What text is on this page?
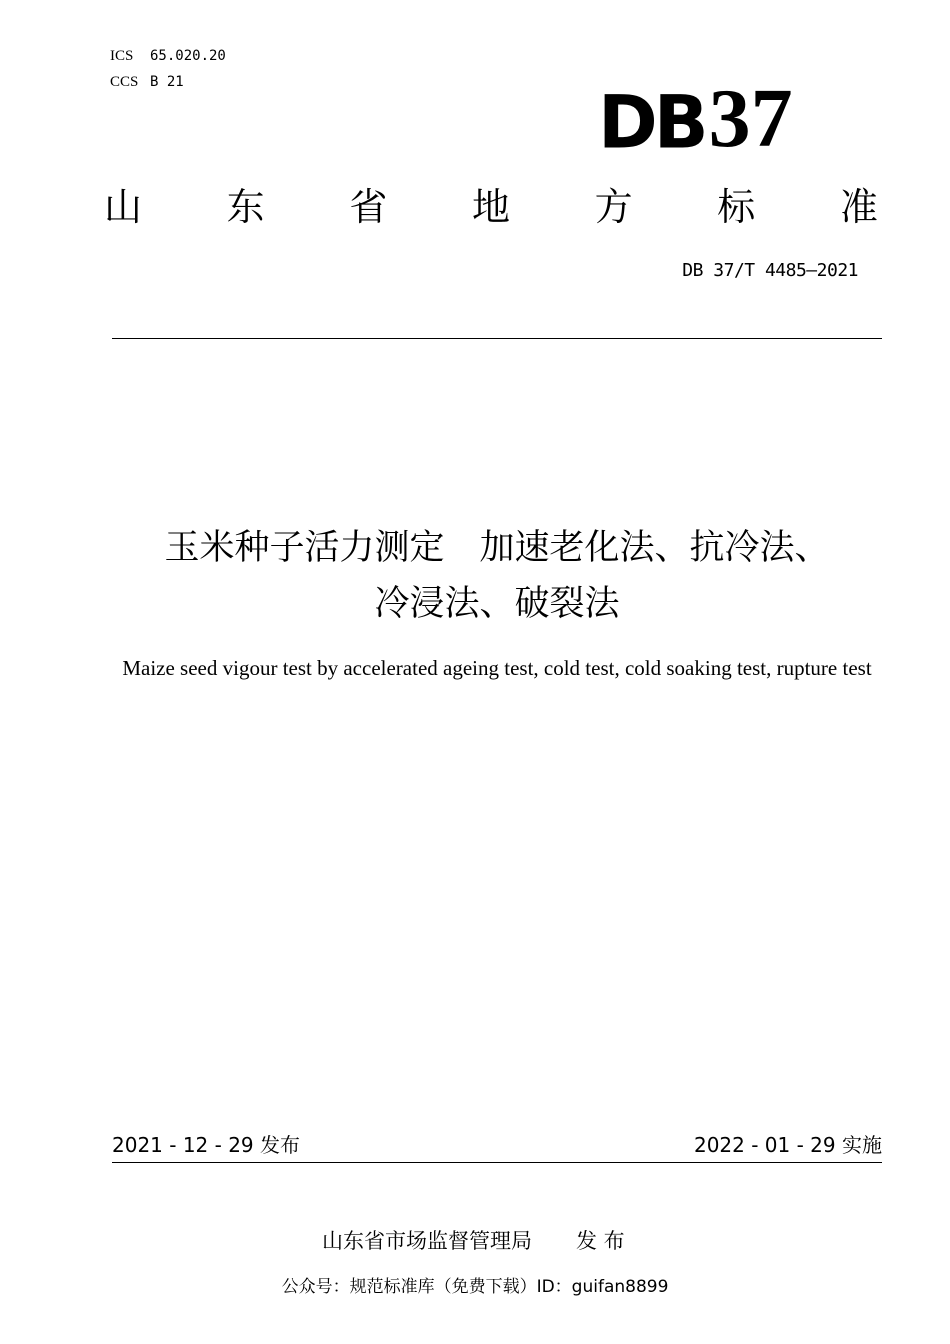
ICS 65.020.20
CCS B 21	DB 37
山 东 省 地 方 标 准
DB 37/T 4485—2021
玉米种子活力测定　加速老化法、抗冷法、
冷浸法、破裂法
Maize seed vigour test by accelerated ageing test, cold test, cold soaking test, rupture test
2021 - 12 - 29 发布	2022 - 01 - 29 实施
山东省市场监督管理局 发 布
公众号：规范标准库（免费下载）ID：guifan8899
